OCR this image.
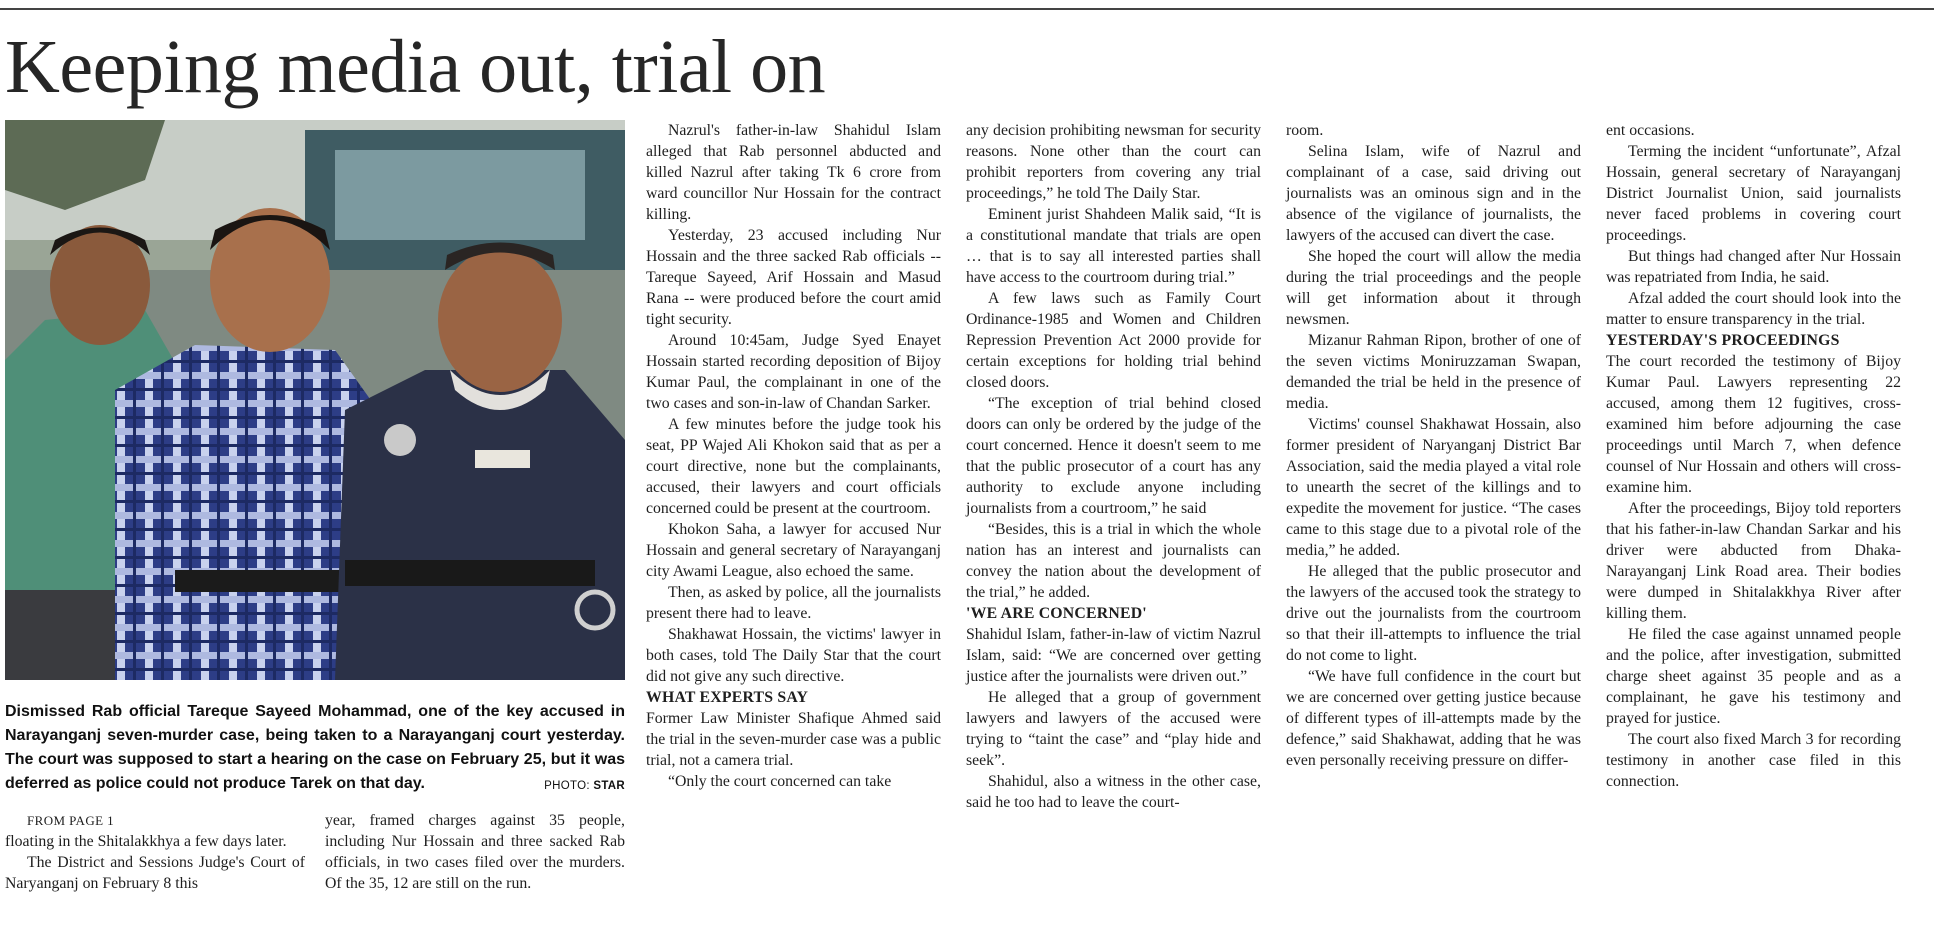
Keeping media out, trial on

Dismissed Rab official Tareque Sayeed Mohammad, one of the key accused in Narayanganj seven-murder case, being taken to a Narayanganj court yesterday. The court was supposed to start a hearing on the case on February 25, but it was deferred as police could not produce Tarek on that day.	PHOTO: STAR

FROM PAGE 1

floating in the Shitalakkhya a few days later.

The District and Sessions Judge's Court of Naryanganj on February 8 this

year, framed charges against 35 people, including Nur Hossain and three sacked Rab officials, in two cases filed over the murders. Of the 35, 12 are still on the run.

Nazrul's father-in-law Shahidul Islam alleged that Rab personnel abducted and killed Nazrul after taking Tk 6 crore from ward councillor Nur Hossain for the contract killing.

Yesterday, 23 accused including Nur Hossain and the three sacked Rab officials -- Tareque Sayeed, Arif Hossain and Masud Rana -- were produced before the court amid tight security.

Around 10:45am, Judge Syed Enayet Hossain started recording deposition of Bijoy Kumar Paul, the complainant in one of the two cases and son-in-law of Chandan Sarker.

A few minutes before the judge took his seat, PP Wajed Ali Khokon said that as per a court directive, none but the complainants, accused, their lawyers and court officials concerned could be present at the courtroom.

Khokon Saha, a lawyer for accused Nur Hossain and general secretary of Narayanganj city Awami League, also echoed the same.

Then, as asked by police, all the journalists present there had to leave.

Shakhawat Hossain, the victims' lawyer in both cases, told The Daily Star that the court did not give any such directive.

WHAT EXPERTS SAY

Former Law Minister Shafique Ahmed said the trial in the seven-murder case was a public trial, not a camera trial.

“Only the court concerned can take

any decision prohibiting newsman for security reasons. None other than the court can prohibit reporters from covering any trial proceedings,” he told The Daily Star.

Eminent jurist Shahdeen Malik said, “It is a constitutional mandate that trials are open … that is to say all interested parties shall have access to the courtroom during trial.”

A few laws such as Family Court Ordinance-1985 and Women and Children Repression Prevention Act 2000 provide for certain exceptions for holding trial behind closed doors.

“The exception of trial behind closed doors can only be ordered by the judge of the court concerned. Hence it doesn't seem to me that the public prosecutor of a court has any authority to exclude anyone including journalists from a courtroom,” he said

“Besides, this is a trial in which the whole nation has an interest and journalists can convey the nation about the development of the trial,” he added.

'WE ARE CONCERNED'

Shahidul Islam, father-in-law of victim Nazrul Islam, said: “We are concerned over getting justice after the journalists were driven out.”

He alleged that a group of government lawyers and lawyers of the accused were trying to “taint the case” and “play hide and seek”.

Shahidul, also a witness in the other case, said he too had to leave the court-

room.

Selina Islam, wife of Nazrul and complainant of a case, said driving out journalists was an ominous sign and in the absence of the vigilance of journalists, the lawyers of the accused can divert the case.

She hoped the court will allow the media during the trial proceedings and the people will get information about it through newsmen.

Mizanur Rahman Ripon, brother of one of the seven victims Moniruzzaman Swapan, demanded the trial be held in the presence of media.

Victims' counsel Shakhawat Hossain, also former president of Naryanganj District Bar Association, said the media played a vital role to unearth the secret of the killings and to expedite the movement for justice. “The cases came to this stage due to a pivotal role of the media,” he added.

He alleged that the public prosecutor and the lawyers of the accused took the strategy to drive out the journalists from the courtroom so that their ill-attempts to influence the trial do not come to light.

“We have full confidence in the court but we are concerned over getting justice because of different types of ill-attempts made by the defence,” said Shakhawat, adding that he was even personally receiving pressure on differ-

ent occasions.

Terming the incident “unfortunate”, Afzal Hossain, general secretary of Narayanganj District Journalist Union, said journalists never faced problems in covering court proceedings.

But things had changed after Nur Hossain was repatriated from India, he said.

Afzal added the court should look into the matter to ensure transparency in the trial.

YESTERDAY'S PROCEEDINGS

The court recorded the testimony of Bijoy Kumar Paul. Lawyers representing 22 accused, among them 12 fugitives, cross-examined him before adjourning the case proceedings until March 7, when defence counsel of Nur Hossain and others will cross-examine him.

After the proceedings, Bijoy told reporters that his father-in-law Chandan Sarkar and his driver were abducted from Dhaka-Narayanganj Link Road area. Their bodies were dumped in Shitalakkhya River after killing them.

He filed the case against unnamed people and the police, after investigation, submitted charge sheet against 35 people and as a complainant, he gave his testimony and prayed for justice.

The court also fixed March 3 for recording testimony in another case filed in this connection.
